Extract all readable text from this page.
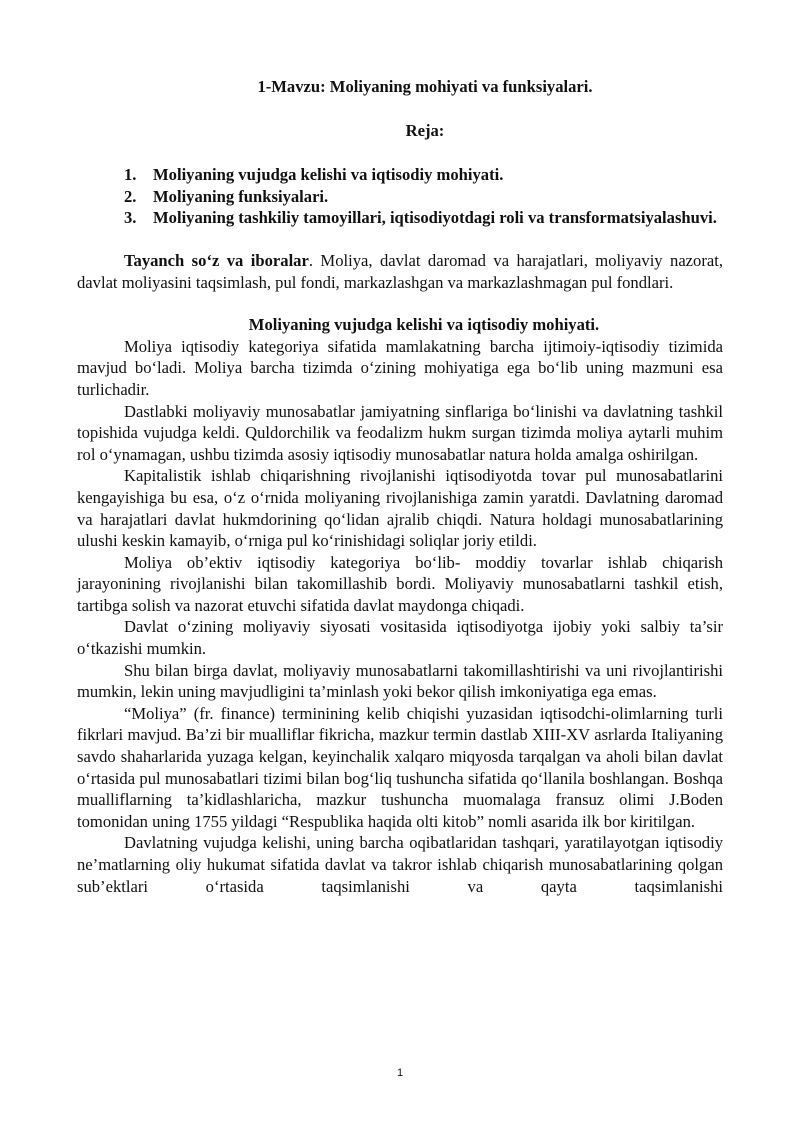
1-Mavzu: Moliyaning mohiyati va funksiyalari.

Reja:

1. Moliyaning vujudga kelishi va iqtisodiy mohiyati.
2. Moliyaning funksiyalari.
3. Moliyaning tashkiliy tamoyillari, iqtisodiyotdagi roli va transformatsiyalashuvi.

Tayanch so‘z va iboralar. Moliya, davlat daromad va harajatlari, moliyaviy nazorat, davlat moliyasini taqsimlash, pul fondi, markazlashgan va markazlashmagan pul fondlari.

Moliyaning vujudga kelishi va iqtisodiy mohiyati.

Moliya iqtisodiy kategoriya sifatida mamlakatning barcha ijtimoiy-iqtisodiy tizimida mavjud bo‘ladi. Moliya barcha tizimda o‘zining mohiyatiga ega bo‘lib uning mazmuni esa turlichadir.

Dastlabki moliyaviy munosabatlar jamiyatning sinflariga bo‘linishi va davlatning tashkil topishida vujudga keldi. Quldorchilik va feodalizm hukm surgan tizimda moliya aytarli muhim rol o‘ynamagan, ushbu tizimda asosiy iqtisodiy munosabatlar natura holda amalga oshirilgan.

Kapitalistik ishlab chiqarishning rivojlanishi iqtisodiyotda tovar pul munosabatlarini kengayishiga bu esa, o‘z o‘rnida moliyaning rivojlanishiga zamin yaratdi. Davlatning daromad va harajatlari davlat hukmdorining qo‘lidan ajralib chiqdi. Natura holdagi munosabatlarining ulushi keskin kamayib, o‘rniga pul ko‘rinishidagi soliqlar joriy etildi.

Moliya ob’ektiv iqtisodiy kategoriya bo‘lib- moddiy tovarlar ishlab chiqarish jarayonining rivojlanishi bilan takomillashib bordi. Moliyaviy munosabatlarni tashkil etish, tartibga solish va nazorat etuvchi sifatida davlat maydonga chiqadi.

Davlat o‘zining moliyaviy siyosati vositasida iqtisodiyotga ijobiy yoki salbiy ta’sir o‘tkazishi mumkin.

Shu bilan birga davlat, moliyaviy munosabatlarni takomillashtirishi va uni rivojlantirishi mumkin, lekin uning mavjudligini ta’minlash yoki bekor qilish imkoniyatiga ega emas.

“Moliya” (fr. finance) terminining kelib chiqishi yuzasidan iqtisodchi-olimlarning turli fikrlari mavjud. Ba’zi bir mualliflar fikricha, mazkur termin dastlab XIII-XV asrlarda Italiyaning savdo shaharlarida yuzaga kelgan, keyinchalik xalqaro miqyosda tarqalgan va aholi bilan davlat o‘rtasida pul munosabatlari tizimi bilan bog‘liq tushuncha sifatida qo‘llanila boshlangan. Boshqa mualliflarning ta’kidlashlaricha, mazkur tushuncha muomalaga fransuz olimi J.Boden tomonidan uning 1755 yildagi “Respublika haqida olti kitob” nomli asarida ilk bor kiritilgan.

Davlatning vujudga kelishi, uning barcha oqibatlaridan tashqari, yaratilayotgan iqtisodiy ne’matlarning oliy hukumat sifatida davlat va takror ishlab chiqarish munosabatlarining qolgan sub’ektlari o‘rtasida taqsimlanishi va qayta taqsimlanishi

1
